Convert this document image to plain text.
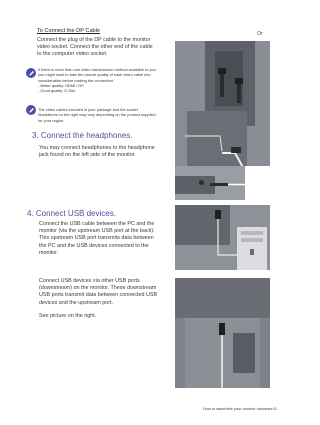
To Connect the DP Cable
Connect the plug of the DP cable to the monitor video socket. Connect the other end of the cable to the computer video socket.
If there is more than one video transmission method available to you, you might want to take the picture quality of each video cable into consideration before making the connection.
- Better quality: HDMI / DP
- Good quality: D-Sub
The video cables included in your package and the socket illustrations on the right may vary depending on the product supplied for your region.
3. Connect the headphones.
You may connect headphones to the headphone jack found on the left side of the monitor.
4. Connect USB devices.
Connect the USB cable between the PC and the monitor (via the upstream USB port at the back). This upstream USB port transmits data between the PC and the USB devices connected to the monitor.
Connect USB devices via other USB ports (downstream) on the monitor. These downstream USB ports transmit data between connected USB devices and the upstream port.
See picture on the right.
Or
How to assemble your monitor hardware 11
